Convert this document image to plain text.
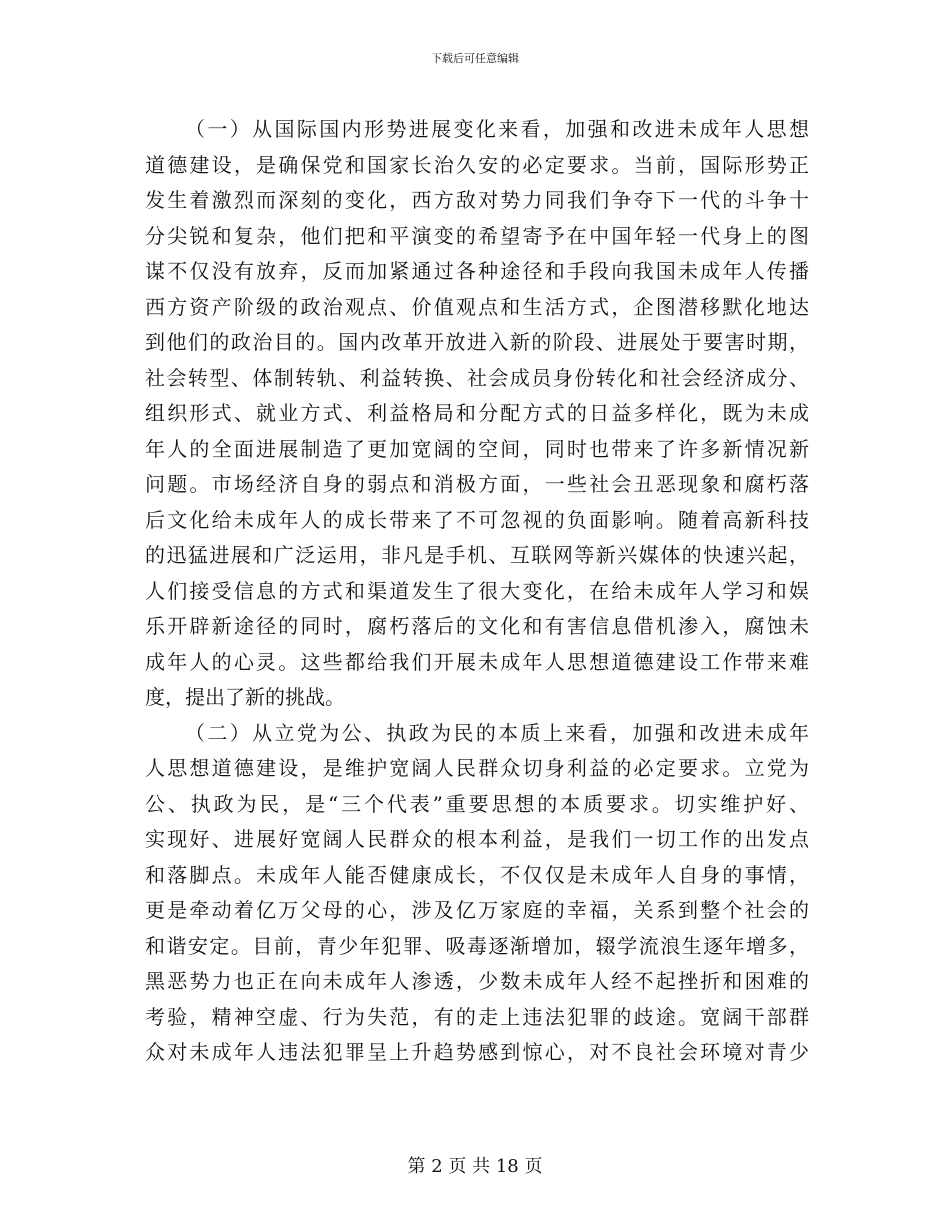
下载后可任意编辑
（一）从国际国内形势进展变化来看，加强和改进未成年人思想
道德建设，是确保党和国家长治久安的必定要求。当前，国际形势正
发生着激烈而深刻的变化，西方敌对势力同我们争夺下一代的斗争十
分尖锐和复杂，他们把和平演变的希望寄予在中国年轻一代身上的图
谋不仅没有放弃，反而加紧通过各种途径和手段向我国未成年人传播
西方资产阶级的政治观点、价值观点和生活方式，企图潜移默化地达
到他们的政治目的。国内改革开放进入新的阶段、进展处于要害时期，
社会转型、体制转轨、利益转换、社会成员身份转化和社会经济成分、
组织形式、就业方式、利益格局和分配方式的日益多样化，既为未成
年人的全面进展制造了更加宽阔的空间，同时也带来了许多新情况新
问题。市场经济自身的弱点和消极方面，一些社会丑恶现象和腐朽落
后文化给未成年人的成长带来了不可忽视的负面影响。随着高新科技
的迅猛进展和广泛运用，非凡是手机、互联网等新兴媒体的快速兴起，
人们接受信息的方式和渠道发生了很大变化，在给未成年人学习和娱
乐开辟新途径的同时，腐朽落后的文化和有害信息借机渗入，腐蚀未
成年人的心灵。这些都给我们开展未成年人思想道德建设工作带来难
度，提出了新的挑战。
（二）从立党为公、执政为民的本质上来看，加强和改进未成年
人思想道德建设，是维护宽阔人民群众切身利益的必定要求。立党为
公、执政为民，是“三个代表”重要思想的本质要求。切实维护好、
实现好、进展好宽阔人民群众的根本利益，是我们一切工作的出发点
和落脚点。未成年人能否健康成长，不仅仅是未成年人自身的事情，
更是牵动着亿万父母的心，涉及亿万家庭的幸福，关系到整个社会的
和谐安定。目前，青少年犯罪、吸毒逐渐增加，辍学流浪生逐年增多，
黑恶势力也正在向未成年人渗透，少数未成年人经不起挫折和困难的
考验，精神空虚、行为失范，有的走上违法犯罪的歧途。宽阔干部群
众对未成年人违法犯罪呈上升趋势感到惊心，对不良社会环境对青少
第 2 页 共 18 页
